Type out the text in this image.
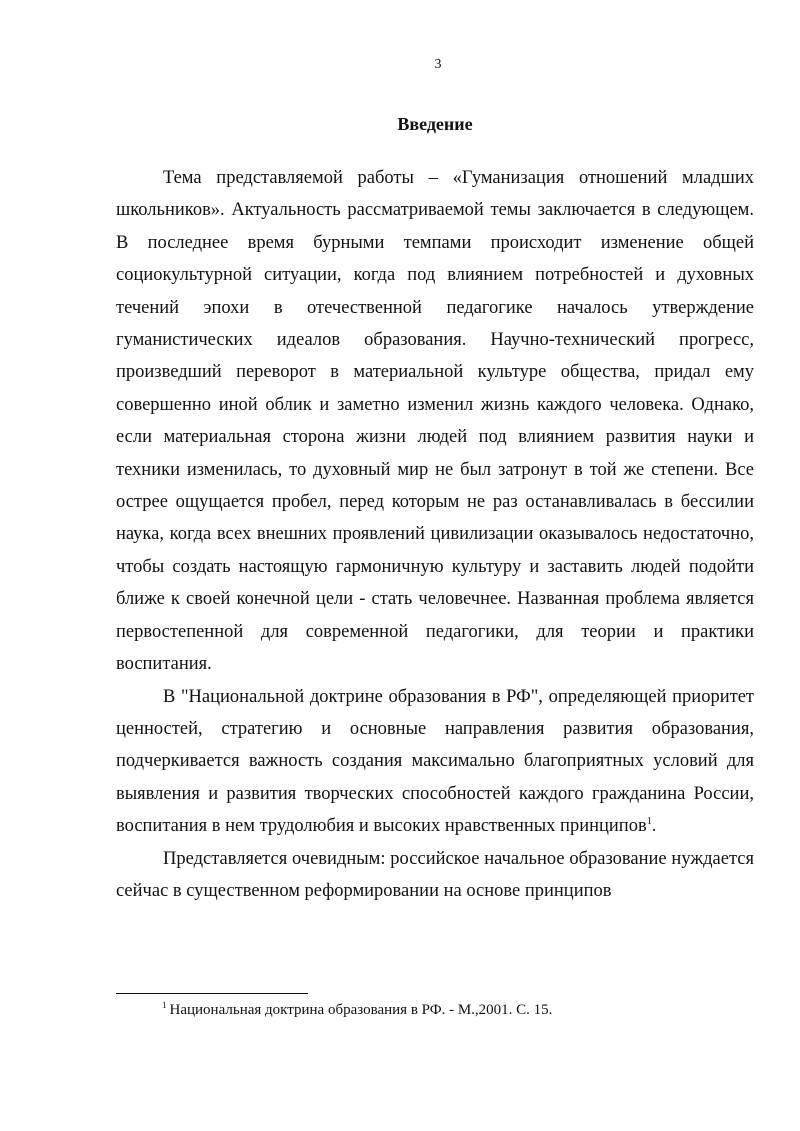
3
Введение

Тема представляемой работы – «Гуманизация отношений младших школьников». Актуальность рассматриваемой темы заключается в следующем. В последнее время бурными темпами происходит изменение общей социокультурной ситуации, когда под влиянием потребностей и духовных течений эпохи в отечественной педагогике началось утверждение гуманистических идеалов образования. Научно-технический прогресс, произведший переворот в материальной культуре общества, придал ему совершенно иной облик и заметно изменил жизнь каждого человека. Однако, если материальная сторона жизни людей под влиянием развития науки и техники изменилась, то духовный мир не был затронут в той же степени. Все острее ощущается пробел, перед которым не раз останавливалась в бессилии наука, когда всех внешних проявлений цивилизации оказывалось недостаточно, чтобы создать настоящую гармоничную культуру и заставить людей подойти ближе к своей конечной цели - стать человечнее. Названная проблема является первостепенной для современной педагогики, для теории и практики воспитания.

В "Национальной доктрине образования в РФ", определяющей приоритет ценностей, стратегию и основные направления развития образования, подчеркивается важность создания максимально благоприятных условий для выявления и развития творческих способностей каждого гражданина России, воспитания в нем трудолюбия и высоких нравственных принципов$^1$.

Представляется очевидным: российское начальное образование нуждается сейчас в существенном реформировании на основе принципов

$^1$ Национальная доктрина образования в РФ. - М.,2001. С. 15.
